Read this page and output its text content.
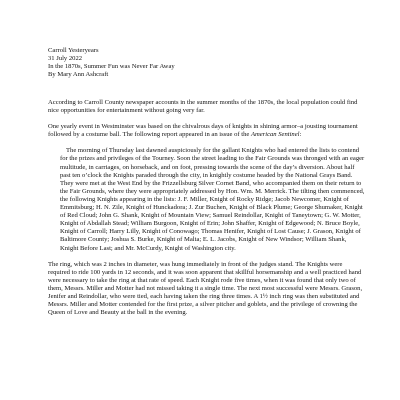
Carroll Yesteryears
31 July 2022
In the 1870s, Summer Fun was Never Far Away
By Mary Ann Ashcraft

According to Carroll County newspaper accounts in the summer months of the 1870s, the local population could find nice opportunities for entertainment without going very far.

One yearly event in Westminster was based on the chivalrous days of knights in shining armor–a jousting tournament followed by a costume ball. The following report appeared in an issue of the American Sentinel:

The morning of Thursday last dawned auspiciously for the gallant Knights who had entered the lists to contend for the prizes and privileges of the Tourney. Soon the street leading to the Fair Grounds was thronged with an eager multitude, in carriages, on horseback, and on foot, pressing towards the scene of the day’s diversion. About half past ten o’clock the Knights paraded through the city, in knightly costume headed by the National Grays Band. They were met at the West End by the Frizzellsburg Silver Cornet Band, who accompanied them on their return to the Fair Grounds, where they were appropriately addressed by Hon. Wm. M. Merrick. The tilting then commenced, the following Knights appearing in the lists: J. F. Miller, Knight of Rocky Ridge; Jacob Newcomer, Knight of Emmitsburg; H. N. Zile, Knight of Hunckadora; J. Zur Buchen, Knight of Black Plume; George Shumaker, Knight of Red Cloud; John G. Shank, Knight of Mountain View; Samuel Reindollar, Knight of Taneytown; G. W. Motter, Knight of Abdallah Stead; William Burgoon, Knight of Erin; John Shaffer, Knight of Edgewood; N. Bruce Boyle, Knight of Carroll; Harry Lilly, Knight of Conowago; Thomas Henifer, Knight of Lost Cause; J. Grason, Knight of Baltimore County; Joshua S. Burke, Knight of Malta; E. L. Jacobs, Knight of New Windsor; William Shank, Knight Before Last; and Mr. McCurdy, Knight of Washington city.

The ring, which was 2 inches in diameter, was hung immediately in front of the judges stand. The Knights were required to ride 100 yards in 12 seconds, and it was soon apparent that skillful horsemanship and a well practiced hand were necessary to take the ring at that rate of speed. Each Knight rode five times, when it was found that only two of them, Messrs. Miller and Motter had not missed taking it a single time. The next most successful were Messrs. Grason, Jenifer and Reindollar, who were tied, each having taken the ring three times. A 1½ inch ring was then substituted and Messrs. Miller and Motter contended for the first prize, a silver pitcher and goblets, and the privilege of crowning the Queen of Love and Beauty at the ball in the evening.
